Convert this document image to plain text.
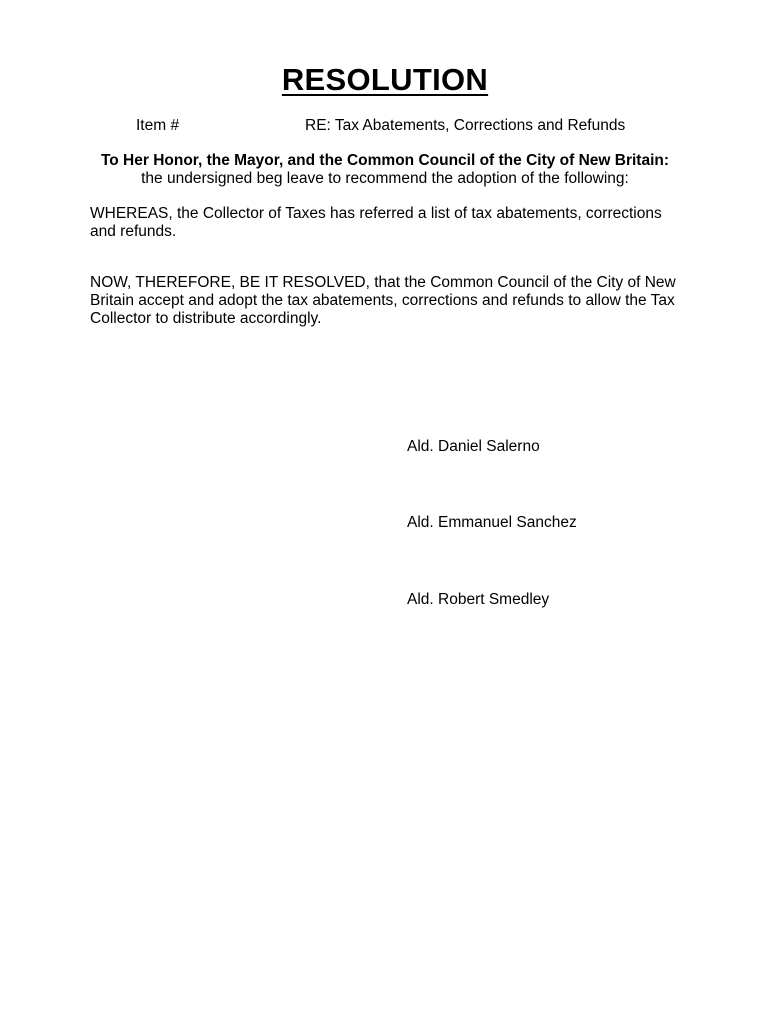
RESOLUTION
Item #	RE: Tax Abatements, Corrections and Refunds
To Her Honor, the Mayor, and the Common Council of the City of New Britain:
the undersigned beg leave to recommend the adoption of the following:
WHEREAS, the Collector of Taxes has referred a list of tax abatements, corrections and refunds.
NOW, THEREFORE, BE IT RESOLVED, that the Common Council of the City of New Britain accept and adopt the tax abatements, corrections and refunds to allow the Tax Collector to distribute accordingly.
Ald. Daniel Salerno
Ald. Emmanuel Sanchez
Ald. Robert Smedley
